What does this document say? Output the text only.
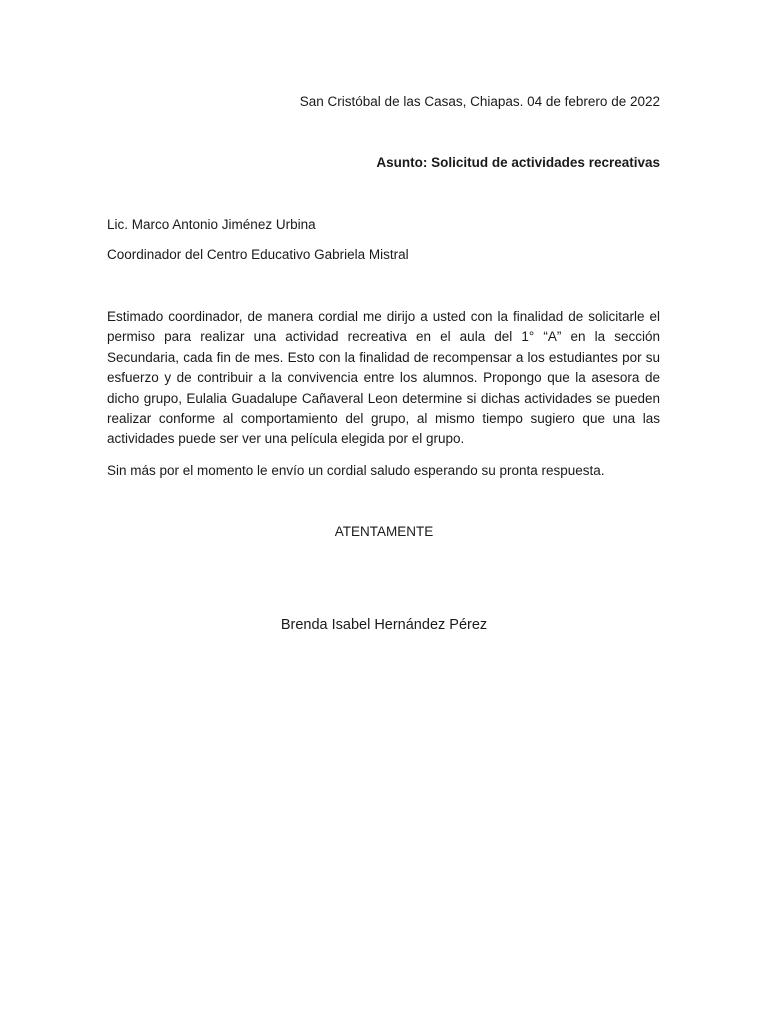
San Cristóbal de las Casas, Chiapas. 04 de febrero de 2022
Asunto: Solicitud de actividades recreativas
Lic. Marco Antonio Jiménez Urbina
Coordinador del Centro Educativo Gabriela Mistral
Estimado coordinador, de manera cordial me dirijo a usted con la finalidad de solicitarle el permiso para realizar una actividad recreativa en el aula del 1° “A” en la sección Secundaria, cada fin de mes. Esto con la finalidad de recompensar a los estudiantes por su esfuerzo y de contribuir a la convivencia entre los alumnos. Propongo que la asesora de dicho grupo, Eulalia Guadalupe Cañaveral Leon determine si dichas actividades se pueden realizar conforme al comportamiento del grupo, al mismo tiempo sugiero que una las actividades puede ser ver una película elegida por el grupo.
Sin más por el momento le envío un cordial saludo esperando su pronta respuesta.
ATENTAMENTE
Brenda Isabel Hernández Pérez
